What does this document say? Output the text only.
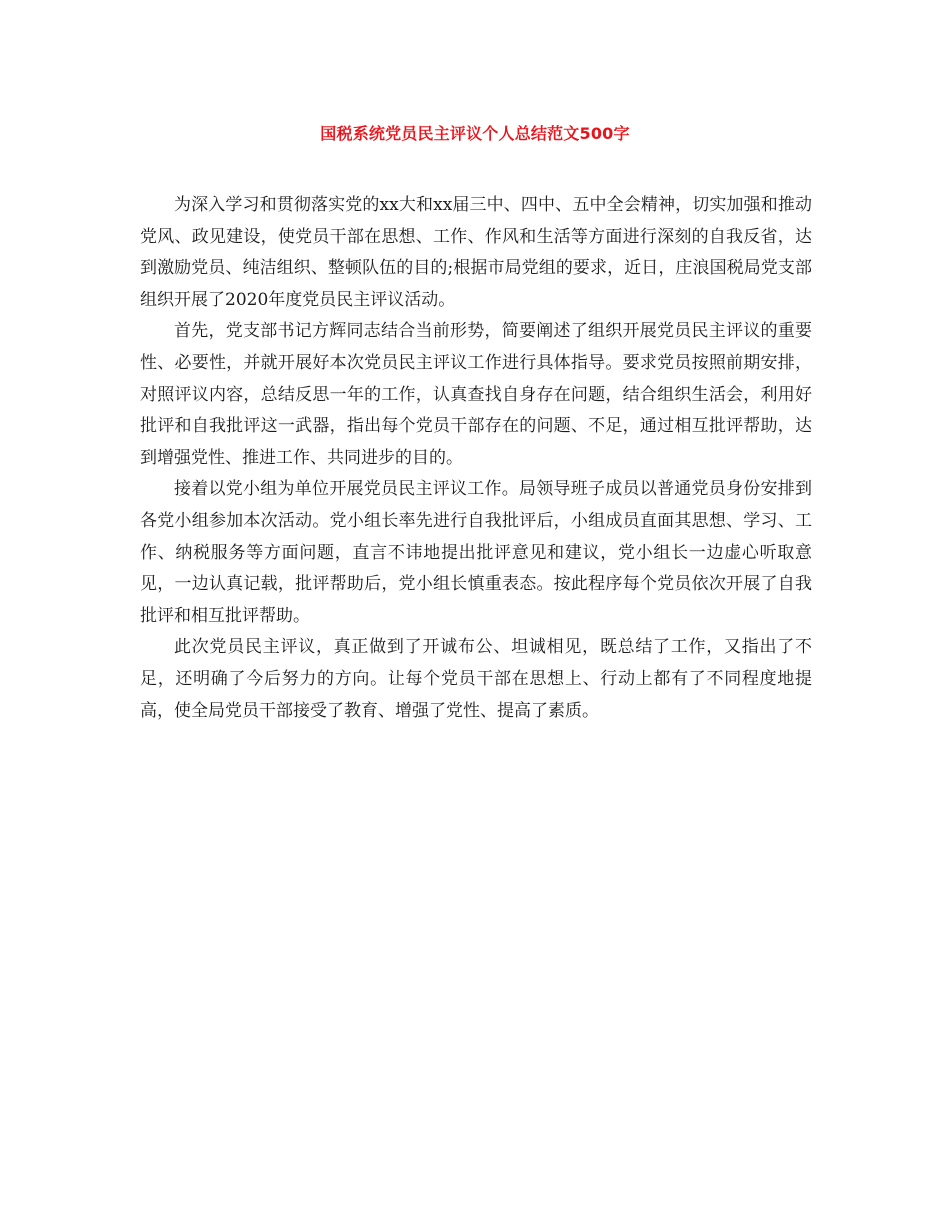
国税系统党员民主评议个人总结范文500字

为深入学习和贯彻落实党的xx大和xx届三中、四中、五中全会精神，切实加强和推动党风、政见建设，使党员干部在思想、工作、作风和生活等方面进行深刻的自我反省，达到激励党员、纯洁组织、整顿队伍的目的;根据市局党组的要求，近日，庄浪国税局党支部组织开展了2020年度党员民主评议活动。

首先，党支部书记方辉同志结合当前形势，简要阐述了组织开展党员民主评议的重要性、必要性，并就开展好本次党员民主评议工作进行具体指导。要求党员按照前期安排，对照评议内容，总结反思一年的工作，认真查找自身存在问题，结合组织生活会，利用好批评和自我批评这一武器，指出每个党员干部存在的问题、不足，通过相互批评帮助，达到增强党性、推进工作、共同进步的目的。

接着以党小组为单位开展党员民主评议工作。局领导班子成员以普通党员身份安排到各党小组参加本次活动。党小组长率先进行自我批评后，小组成员直面其思想、学习、工作、纳税服务等方面问题，直言不讳地提出批评意见和建议，党小组长一边虚心听取意见，一边认真记载，批评帮助后，党小组长慎重表态。按此程序每个党员依次开展了自我批评和相互批评帮助。

此次党员民主评议，真正做到了开诚布公、坦诚相见，既总结了工作，又指出了不足，还明确了今后努力的方向。让每个党员干部在思想上、行动上都有了不同程度地提高，使全局党员干部接受了教育、增强了党性、提高了素质。
